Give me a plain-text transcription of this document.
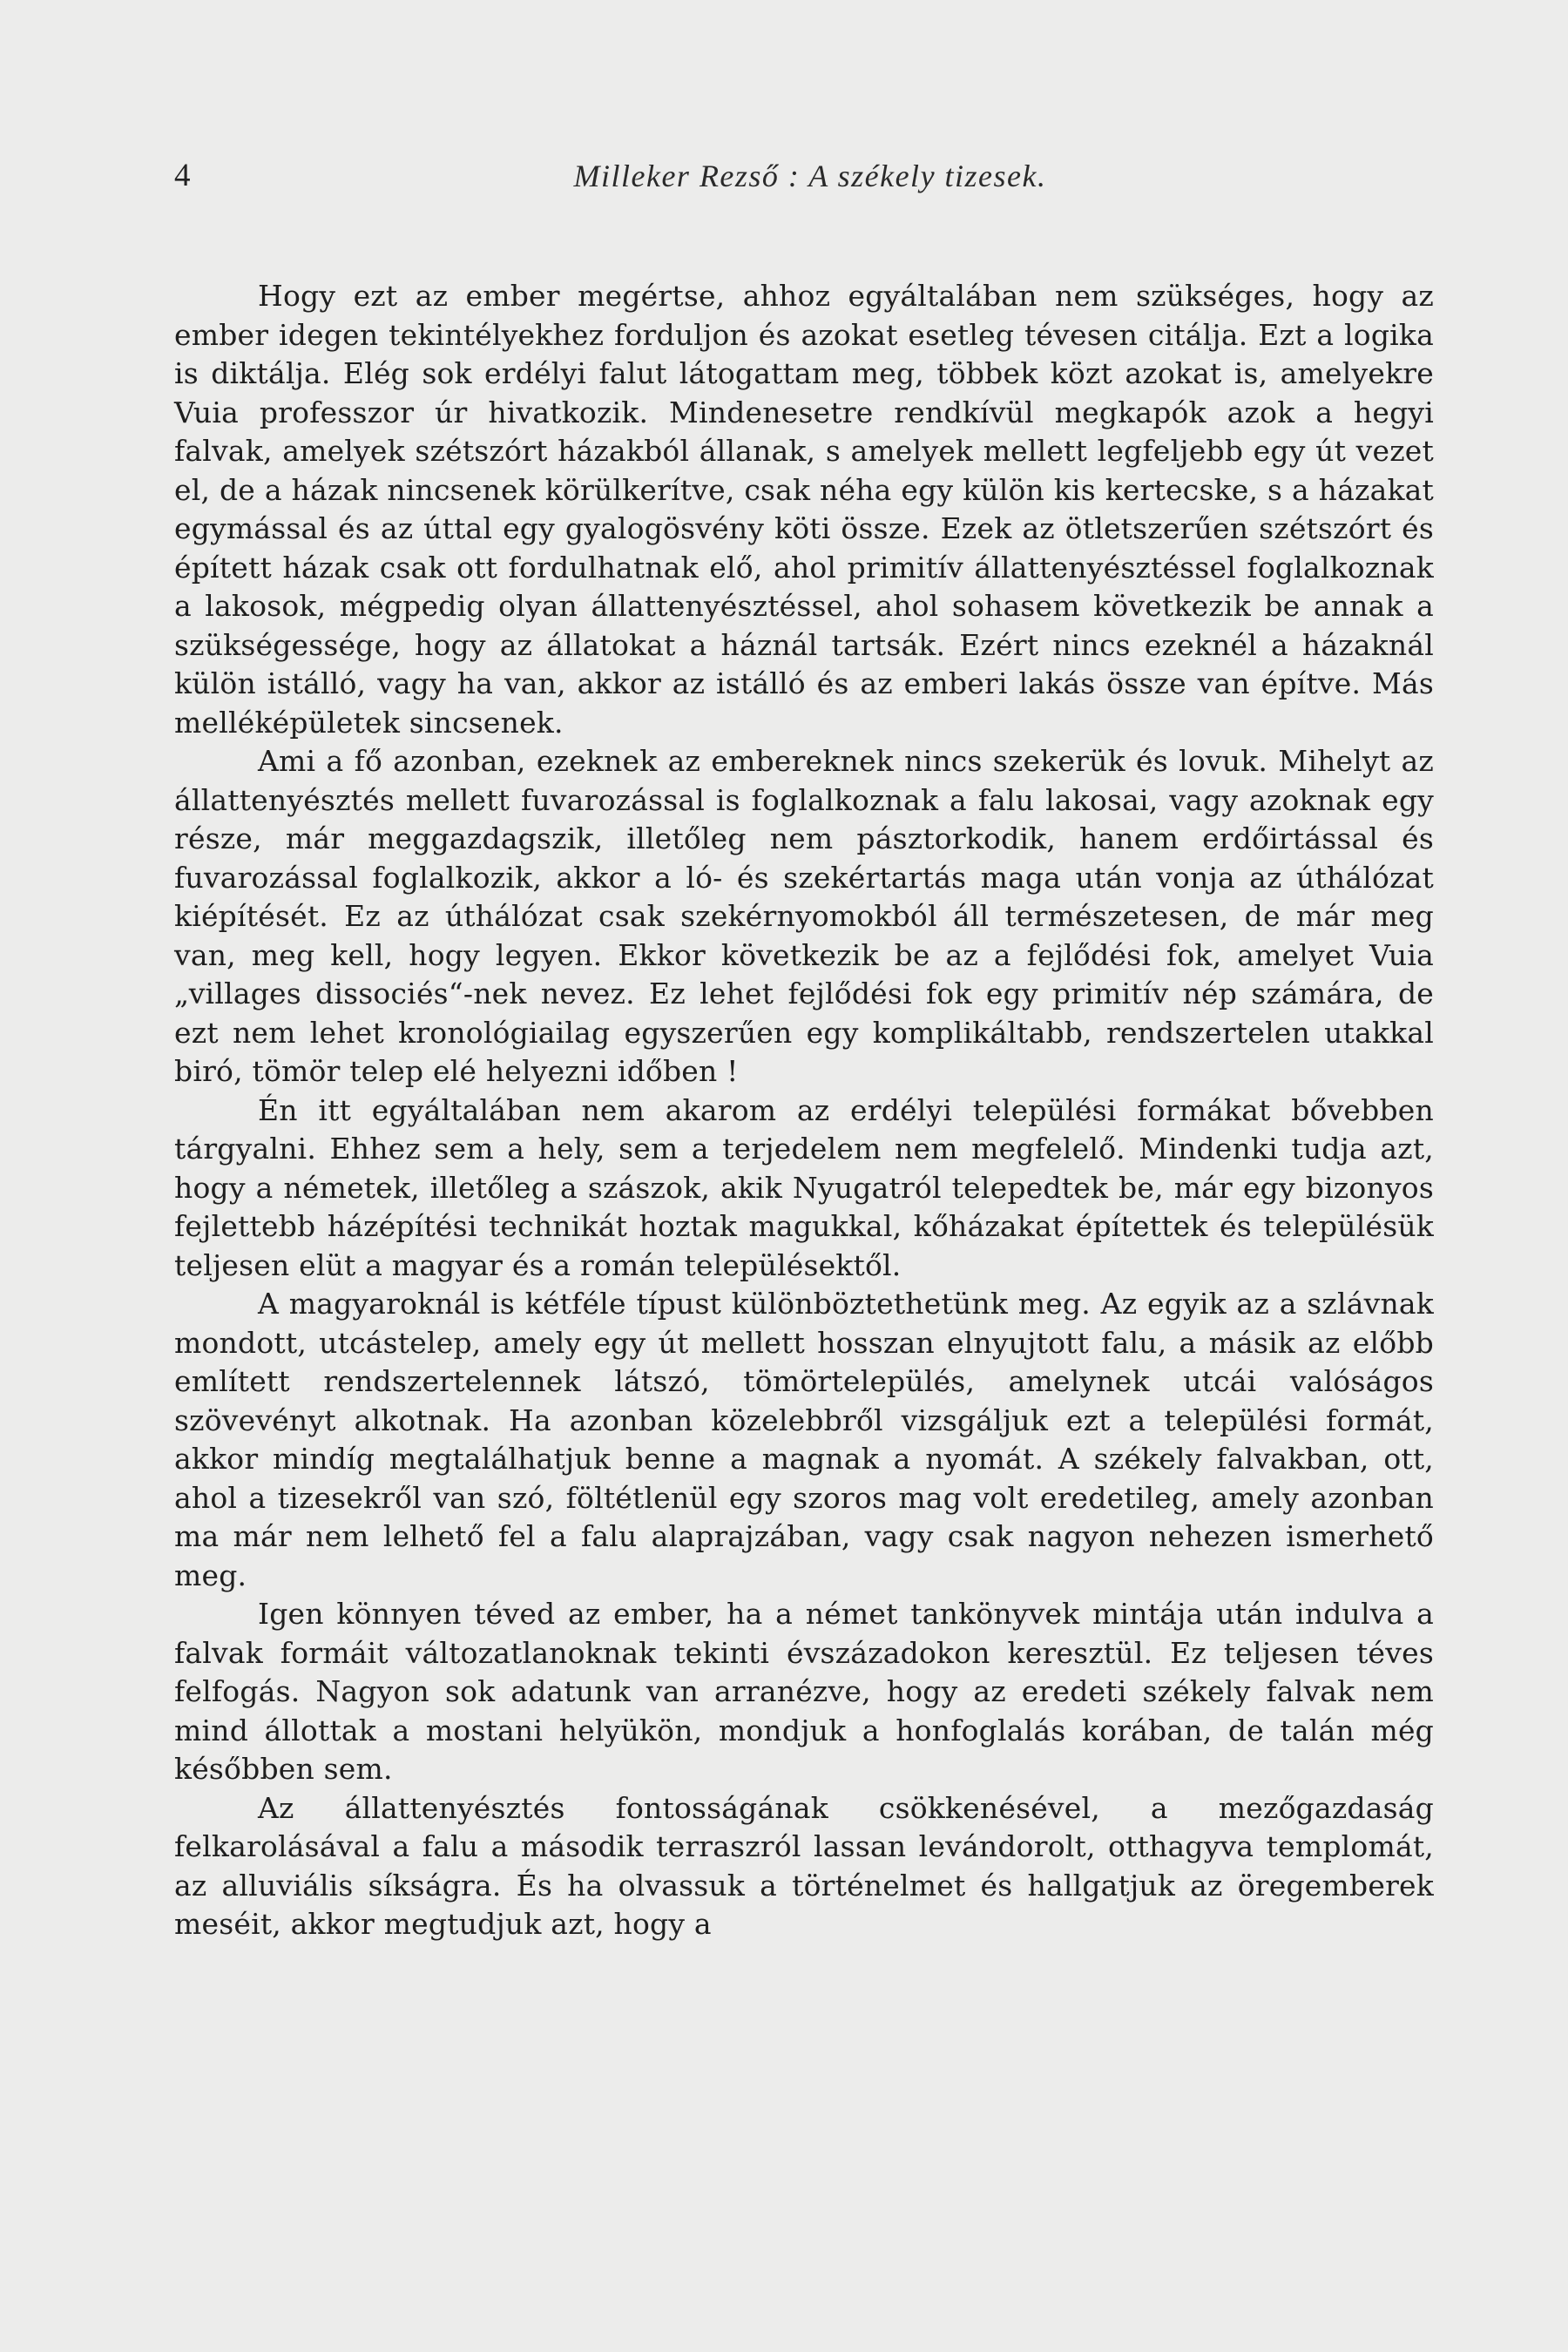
4	Milleker Rezső : A székely tizesek.

Hogy ezt az ember megértse, ahhoz egyáltalában nem szükséges, hogy az ember idegen tekintélyekhez forduljon és azokat esetleg tévesen citálja. Ezt a logika is diktálja. Elég sok erdélyi falut látogattam meg, többek közt azokat is, amelyekre Vuia professzor úr hivatkozik. Mindenesetre rendkívül megkapók azok a hegyi falvak, amelyek szétszórt házakból állanak, s amelyek mellett legfeljebb egy út vezet el, de a házak nincsenek körülkerítve, csak néha egy külön kis kertecske, s a házakat egymással és az úttal egy gyalogösvény köti össze. Ezek az ötletszerűen szétszórt és épített házak csak ott fordulhatnak elő, ahol primitív állattenyésztéssel foglalkoznak a lakosok, mégpedig olyan állattenyésztéssel, ahol sohasem következik be annak a szükségessége, hogy az állatokat a háznál tartsák. Ezért nincs ezeknél a házaknál külön istálló, vagy ha van, akkor az istálló és az emberi lakás össze van építve. Más melléképületek sincsenek.

Ami a fő azonban, ezeknek az embereknek nincs szekerük és lovuk. Mihelyt az állattenyésztés mellett fuvarozással is foglalkoznak a falu lakosai, vagy azoknak egy része, már meggazdagszik, illetőleg nem pásztorkodik, hanem erdőirtással és fuvarozással foglalkozik, akkor a ló- és szekértartás maga után vonja az úthálózat kiépítését. Ez az úthálózat csak szekérnyomokból áll természetesen, de már meg van, meg kell, hogy legyen. Ekkor következik be az a fejlődési fok, amelyet Vuia „villages dissociés“-nek nevez. Ez lehet fejlődési fok egy primitív nép számára, de ezt nem lehet kronológiailag egyszerűen egy komplikáltabb, rendszertelen utakkal biró, tömör telep elé helyezni időben !

Én itt egyáltalában nem akarom az erdélyi települési formákat bővebben tárgyalni. Ehhez sem a hely, sem a terjedelem nem megfelelő. Mindenki tudja azt, hogy a németek, illetőleg a szászok, akik Nyugatról telepedtek be, már egy bizonyos fejlettebb házépítési technikát hoztak magukkal, kőházakat építettek és településük teljesen elüt a magyar és a román településektől.

A magyaroknál is kétféle típust különböztethetünk meg. Az egyik az a szlávnak mondott, utcástelep, amely egy út mellett hosszan elnyujtott falu, a másik az előbb említett rendszertelennek látszó, tömörtelepülés, amelynek utcái valóságos szövevényt alkotnak. Ha azonban közelebbről vizsgáljuk ezt a települési formát, akkor mindíg megtalálhatjuk benne a magnak a nyomát. A székely falvakban, ott, ahol a tizesekről van szó, föltétlenül egy szoros mag volt eredetileg, amely azonban ma már nem lelhető fel a falu alaprajzában, vagy csak nagyon nehezen ismerhető meg.

Igen könnyen téved az ember, ha a német tankönyvek mintája után indulva a falvak formáit változatlanoknak tekinti évszázadokon keresztül. Ez teljesen téves felfogás. Nagyon sok adatunk van arranézve, hogy az eredeti székely falvak nem mind állottak a mostani helyükön, mondjuk a honfoglalás korában, de talán még későbben sem.

Az állattenyésztés fontosságának csökkenésével, a mezőgazdaság felkarolásával a falu a második terraszról lassan levándorolt, otthagyva templomát, az alluviális síkságra. És ha olvassuk a történelmet és hallgatjuk az öregemberek meséit, akkor megtudjuk azt, hogy a
